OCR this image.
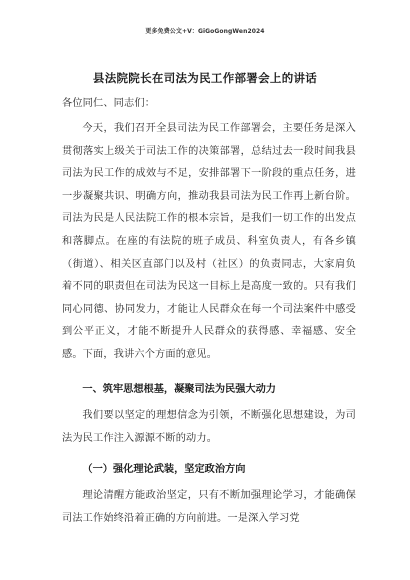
更多免费公文+V：GiGoGongWen2024
县法院院长在司法为民工作部署会上的讲话
各位同仁、同志们：
今天，我们召开全县司法为民工作部署会，主要任务是深入贯彻落实上级关于司法工作的决策部署，总结过去一段时间我县司法为民工作的成效与不足，安排部署下一阶段的重点任务，进一步凝聚共识、明确方向，推动我县司法为民工作再上新台阶。司法为民是人民法院工作的根本宗旨，是我们一切工作的出发点和落脚点。在座的有法院的班子成员、科室负责人，有各乡镇（街道）、相关区直部门以及村（社区）的负责同志，大家肩负着不同的职责但在司法为民这一目标上是高度一致的。只有我们同心同德、协同发力，才能让人民群众在每一个司法案件中感受到公平正义，才能不断提升人民群众的获得感、幸福感、安全感。下面，我讲六个方面的意见。
一、筑牢思想根基，凝聚司法为民强大动力
我们要以坚定的理想信念为引领，不断强化思想建设，为司法为民工作注入源源不断的动力。
（一）强化理论武装，坚定政治方向
理论清醒方能政治坚定，只有不断加强理论学习，才能确保司法工作始终沿着正确的方向前进。一是深入学习党
